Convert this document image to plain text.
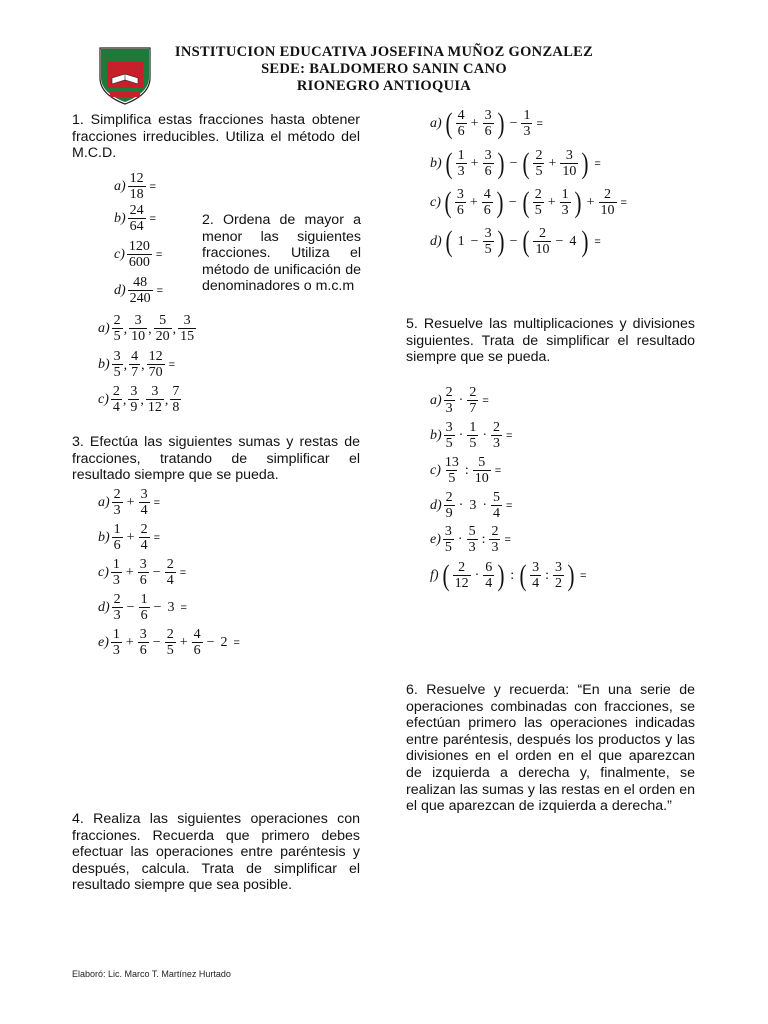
INSTITUCION EDUCATIVA JOSEFINA MUÑOZ GONZALEZ
SEDE: BALDOMERO SANIN CANO
RIONEGRO ANTIOQUIA
1. Simplifica estas fracciones hasta obtener fracciones irreducibles. Utiliza el método del M.C.D.
2. Ordena de mayor a menor las siguientes fracciones. Utiliza el método de unificación de denominadores o m.c.m
3. Efectúa las siguientes sumas y restas de fracciones, tratando de simplificar el resultado siempre que se pueda.
4. Realiza las siguientes operaciones con fracciones. Recuerda que primero debes efectuar las operaciones entre paréntesis y después, calcula. Trata de simplificar el resultado siempre que sea posible.
5. Resuelve las multiplicaciones y divisiones siguientes. Trata de simplificar el resultado siempre que se pueda.
6. Resuelve y recuerda: “En una serie de operaciones combinadas con fracciones, se efectúan primero las operaciones indicadas entre paréntesis, después los productos y las divisiones en el orden en el que aparezcan de izquierda a derecha y, finalmente, se realizan las sumas y las restas en el orden en el que aparezcan de izquierda a derecha.”
$a) \frac{12}{18}$ =
$b) \frac{24}{64}$ =
$c) \frac{120}{600}$ =
$d) \frac{48}{240}$ =
$a) \frac{2}{5}$ , $\frac{3}{10}$ , $\frac{5}{20}$ , $\frac{3}{15}$
$b) \frac{3}{5}$ , $\frac{4}{7}$ , $\frac{12}{70}$ =
$c) \frac{2}{4}$ , $\frac{3}{9}$ , $\frac{3}{12}$ , $\frac{7}{8}$
$a) \frac{2}{3} + \frac{3}{4}$ =
$b) \frac{1}{6} + \frac{2}{4}$ =
$c) \frac{1}{3} + \frac{3}{6} - \frac{2}{4}$ =
$d) \frac{2}{3} - \frac{1}{6} - 3$ =
$e) \frac{1}{3} + \frac{3}{6} - \frac{2}{5} + \frac{4}{6} - 2$ =
a) ( $\frac{4}{6} + \frac{3}{6}$ ) − $\frac{1}{3}$ =
b) ( $\frac{1}{3} + \frac{3}{6}$ ) − ( $\frac{2}{5} + \frac{3}{10}$ ) =
c) ( $\frac{3}{6} + \frac{4}{6}$ ) − ( $\frac{2}{5} + \frac{1}{3}$ ) + $\frac{2}{10}$ =
d) ( $1 - \frac{3}{5}$ ) − ( $\frac{2}{10} - 4$ ) =
$a) \frac{2}{3} \cdot \frac{2}{7}$ =
$b) \frac{3}{5} \cdot \frac{1}{5} \cdot \frac{2}{3}$ =
$c) \frac{13}{5}$ : $\frac{5}{10}$ =
$d) \frac{2}{9} \cdot 3 \cdot \frac{5}{4}$ =
$e) \frac{3}{5} \cdot \frac{5}{3}$ : $\frac{2}{3}$ =
f) ( $\frac{2}{12} \cdot \frac{6}{4}$ ) : ( $\frac{3}{4}$ : $\frac{3}{2}$ ) =
Elaboró: Lic. Marco T. Martínez Hurtado
